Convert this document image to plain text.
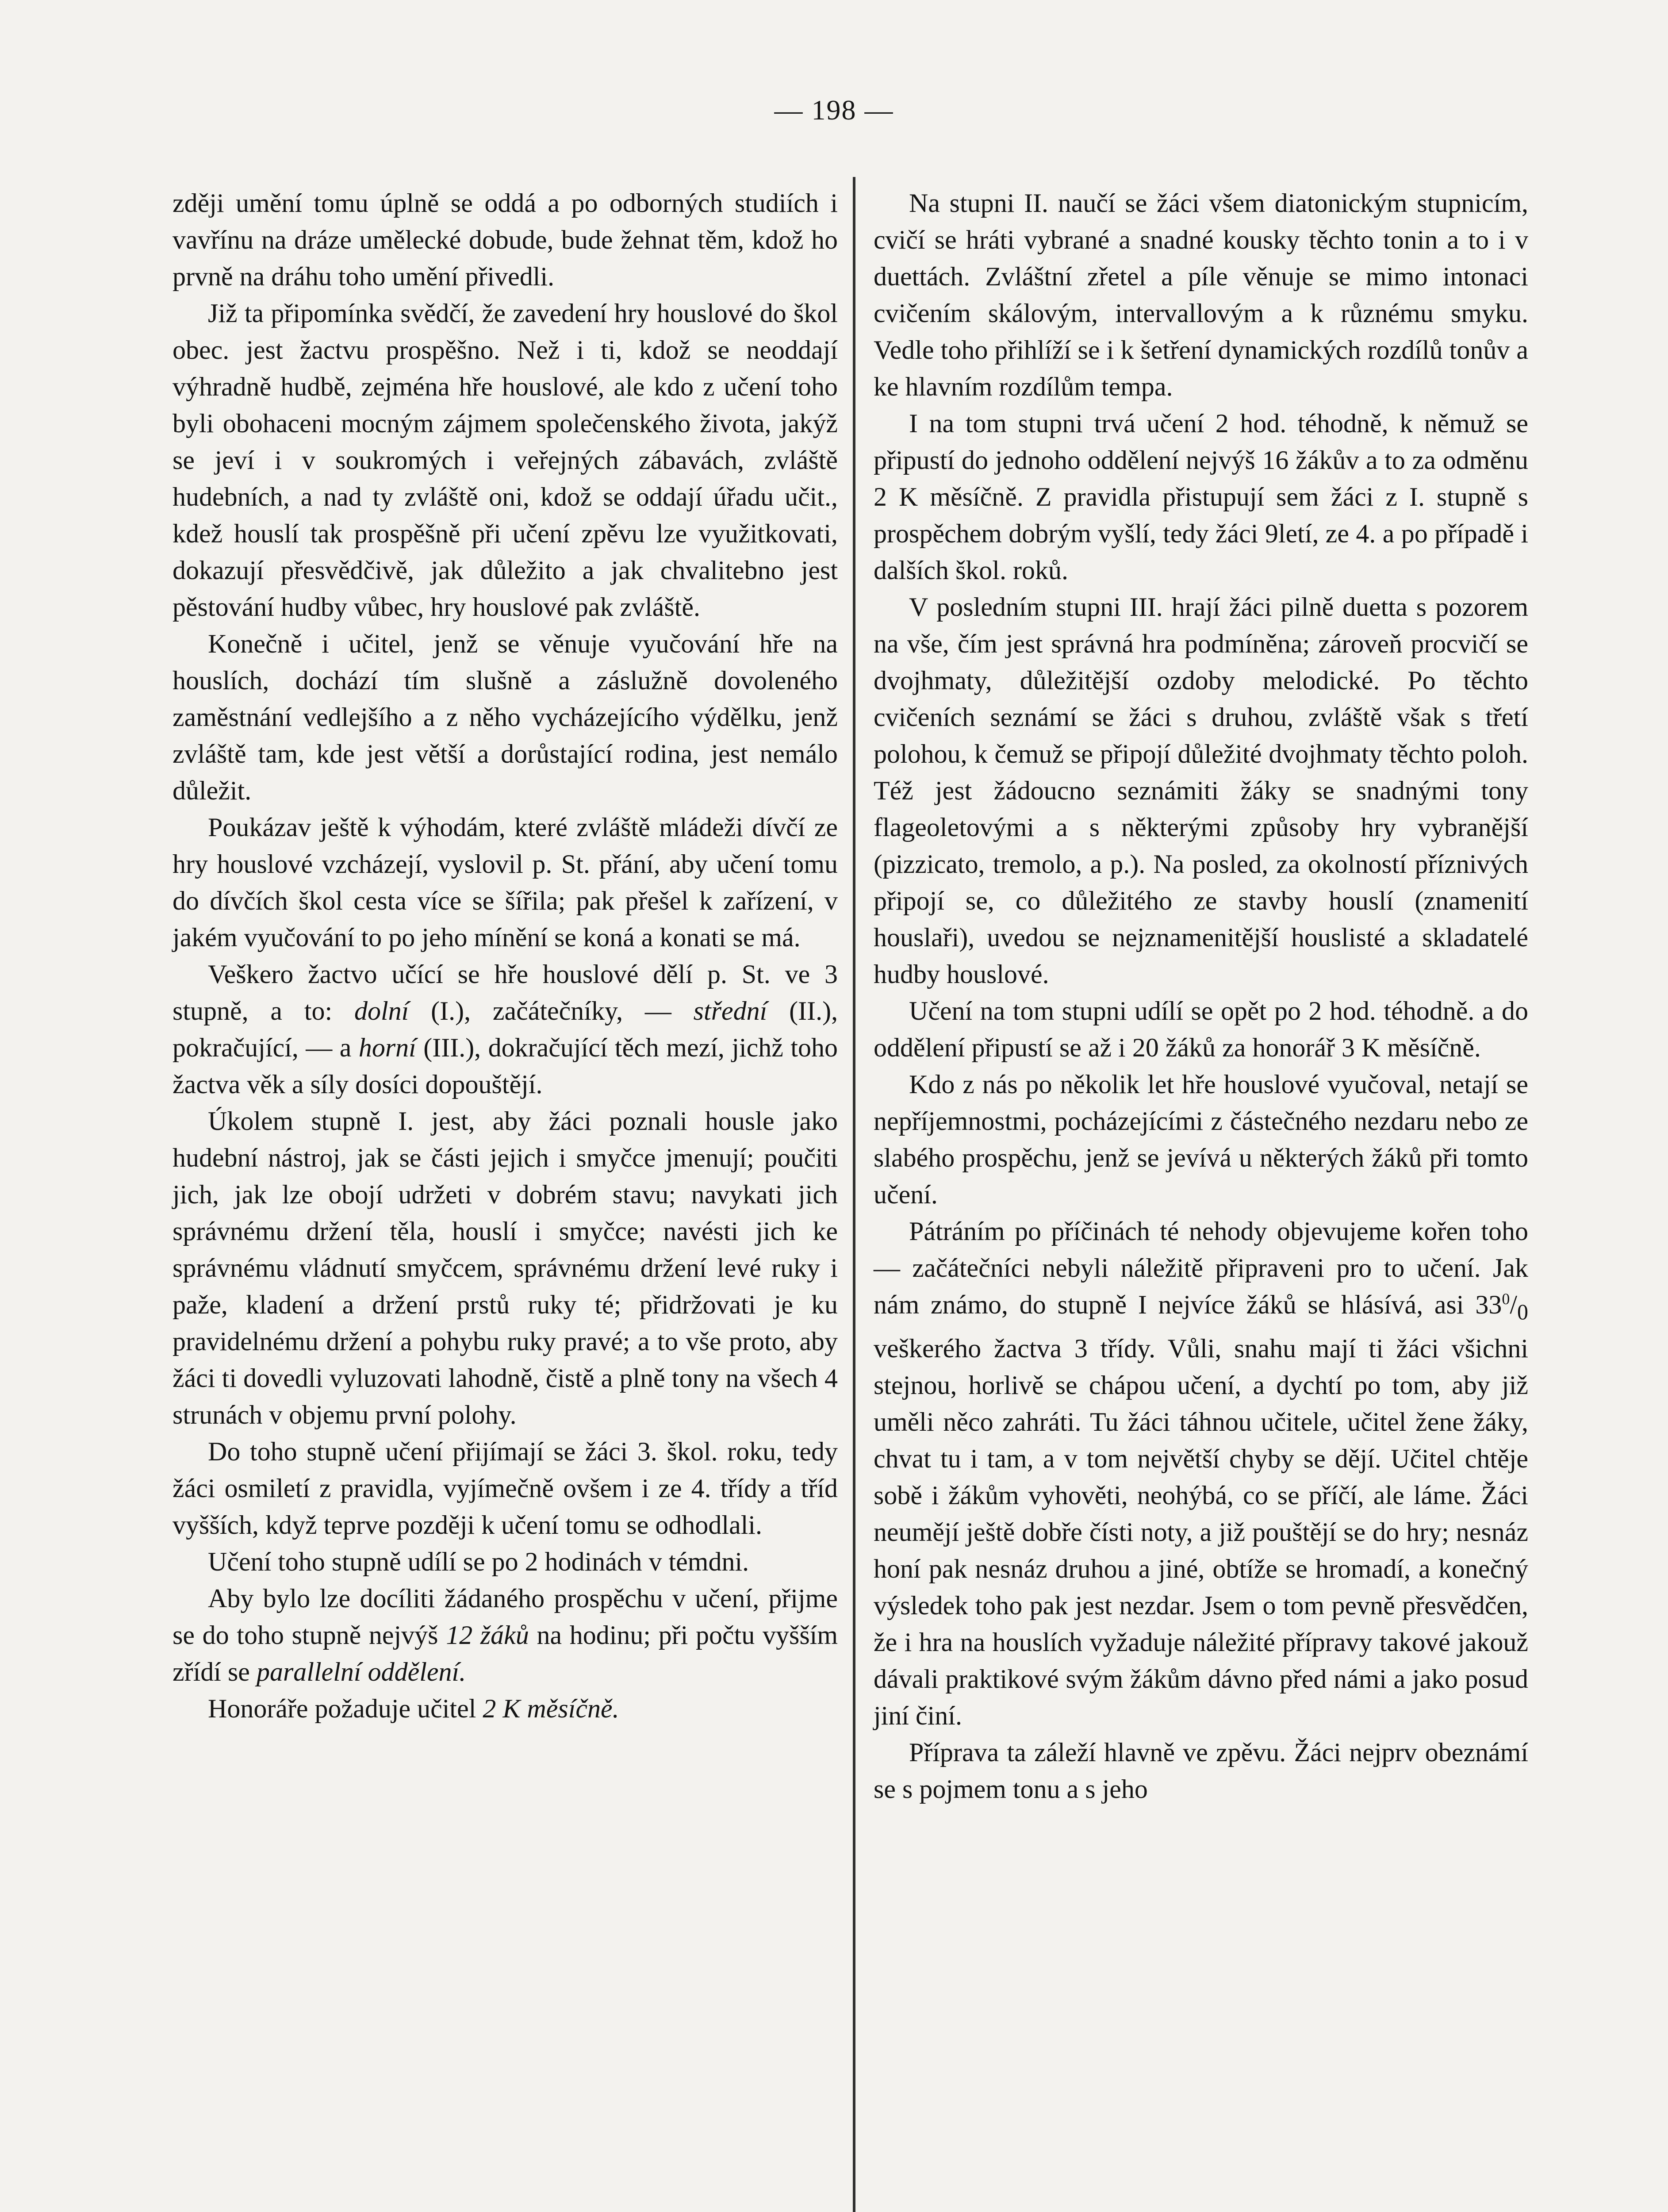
— 198 —

zději umění tomu úplně se oddá a po odborných studiích i vavřínu na dráze umělecké dobude, bude žehnat těm, kdož ho prvně na dráhu toho umění přivedli.

Již ta připomínka svědčí, že zavedení hry houslové do škol obec. jest žactvu prospěšno. Než i ti, kdož se neoddají výhradně hudbě, zejména hře houslové, ale kdo z učení toho byli obohaceni mocným zájmem společenského života, jakýž se jeví i v soukromých i veřejných zábavách, zvláště hudebních, a nad ty zvláště oni, kdož se oddají úřadu učit., kdež houslí tak prospěšně při učení zpěvu lze využitkovati, dokazují přesvědčivě, jak důležito a jak chvalitebno jest pěstování hudby vůbec, hry houslové pak zvláště.

Konečně i učitel, jenž se věnuje vyučování hře na houslích, dochází tím slušně a záslužně dovoleného zaměstnání vedlejšího a z něho vycházejícího výdělku, jenž zvláště tam, kde jest větší a dorůstající rodina, jest nemálo důležit.

Poukázav ještě k výhodám, které zvláště mládeži dívčí ze hry houslové vzcházejí, vyslovil p. St. přání, aby učení tomu do dívčích škol cesta více se šířila; pak přešel k zařízení, v jakém vyučování to po jeho mínění se koná a konati se má.

Veškero žactvo učící se hře houslové dělí p. St. ve 3 stupně, a to: dolní (I.), začátečníky, — střední (II.), pokračující, — a horní (III.), dokračující těch mezí, jichž toho žactva věk a síly dosíci dopouštějí.

Úkolem stupně I. jest, aby žáci poznali housle jako hudební nástroj, jak se části jejich i smyčce jmenují; poučiti jich, jak lze obojí udržeti v dobrém stavu; navykati jich správnému držení těla, houslí i smyčce; navésti jich ke správnému vládnutí smyčcem, správnému držení levé ruky i paže, kladení a držení prstů ruky té; přidržovati je ku pravidelnému držení a pohybu ruky pravé; a to vše proto, aby žáci ti dovedli vyluzovati lahodně, čistě a plně tony na všech 4 strunách v objemu první polohy.

Do toho stupně učení přijímají se žáci 3. škol. roku, tedy žáci osmiletí z pravidla, vyjímečně ovšem i ze 4. třídy a tříd vyšších, když teprve později k učení tomu se odhodlali.

Učení toho stupně udílí se po 2 hodinách v témdni.

Aby bylo lze docíliti žádaného prospěchu v učení, přijme se do toho stupně nejvýš 12 žáků na hodinu; při počtu vyšším zřídí se parallelní oddělení.

Honoráře požaduje učitel 2 K měsíčně.

Na stupni II. naučí se žáci všem diatonickým stupnicím, cvičí se hráti vybrané a snadné kousky těchto tonin a to i v duettách. Zvláštní zřetel a píle věnuje se mimo intonaci cvičením skálovým, intervallovým a k různému smyku. Vedle toho přihlíží se i k šetření dynamických rozdílů tonův a ke hlavním rozdílům tempa.

I na tom stupni trvá učení 2 hod. téhodně, k němuž se připustí do jednoho oddělení nejvýš 16 žákův a to za odměnu 2 K měsíčně. Z pravidla přistupují sem žáci z I. stupně s prospěchem dobrým vyšlí, tedy žáci 9letí, ze 4. a po případě i dalších škol. roků.

V posledním stupni III. hrají žáci pilně duetta s pozorem na vše, čím jest správná hra podmíněna; zároveň procvičí se dvojhmaty, důležitější ozdoby melodické. Po těchto cvičeních seznámí se žáci s druhou, zvláště však s třetí polohou, k čemuž se připojí důležité dvojhmaty těchto poloh. Též jest žádoucno seznámiti žáky se snadnými tony flageoletovými a s některými způsoby hry vybranější (pizzicato, tremolo, a p.). Na posled, za okolností příznivých připojí se, co důležitého ze stavby houslí (znamenití houslaři), uvedou se nejznamenitější houslisté a skladatelé hudby houslové.

Učení na tom stupni udílí se opět po 2 hod. téhodně. a do oddělení připustí se až i 20 žáků za honorář 3 K měsíčně.

Kdo z nás po několik let hře houslové vyučoval, netají se nepříjemnostmi, pocházejícími z částečného nezdaru nebo ze slabého prospěchu, jenž se jevívá u některých žáků při tomto učení.

Pátráním po příčinách té nehody objevujeme kořen toho — začátečníci nebyli náležitě připraveni pro to učení. Jak nám známo, do stupně I nejvíce žáků se hlásívá, asi $33^0/_0$ veškerého žactva 3 třídy. Vůli, snahu mají ti žáci všichni stejnou, horlivě se chápou učení, a dychtí po tom, aby již uměli něco zahráti. Tu žáci táhnou učitele, učitel žene žáky, chvat tu i tam, a v tom největší chyby se dějí. Učitel chtěje sobě i žákům vyhověti, neohýbá, co se příčí, ale láme. Žáci neumějí ještě dobře čísti noty, a již pouštějí se do hry; nesnáz honí pak nesnáz druhou a jiné, obtíže se hromadí, a konečný výsledek toho pak jest nezdar. Jsem o tom pevně přesvědčen, že i hra na houslích vyžaduje náležité přípravy takové jakouž dávali praktikové svým žákům dávno před námi a jako posud jiní činí.

Příprava ta záleží hlavně ve zpěvu. Žáci nejprv obeznámí se s pojmem tonu a s jeho
